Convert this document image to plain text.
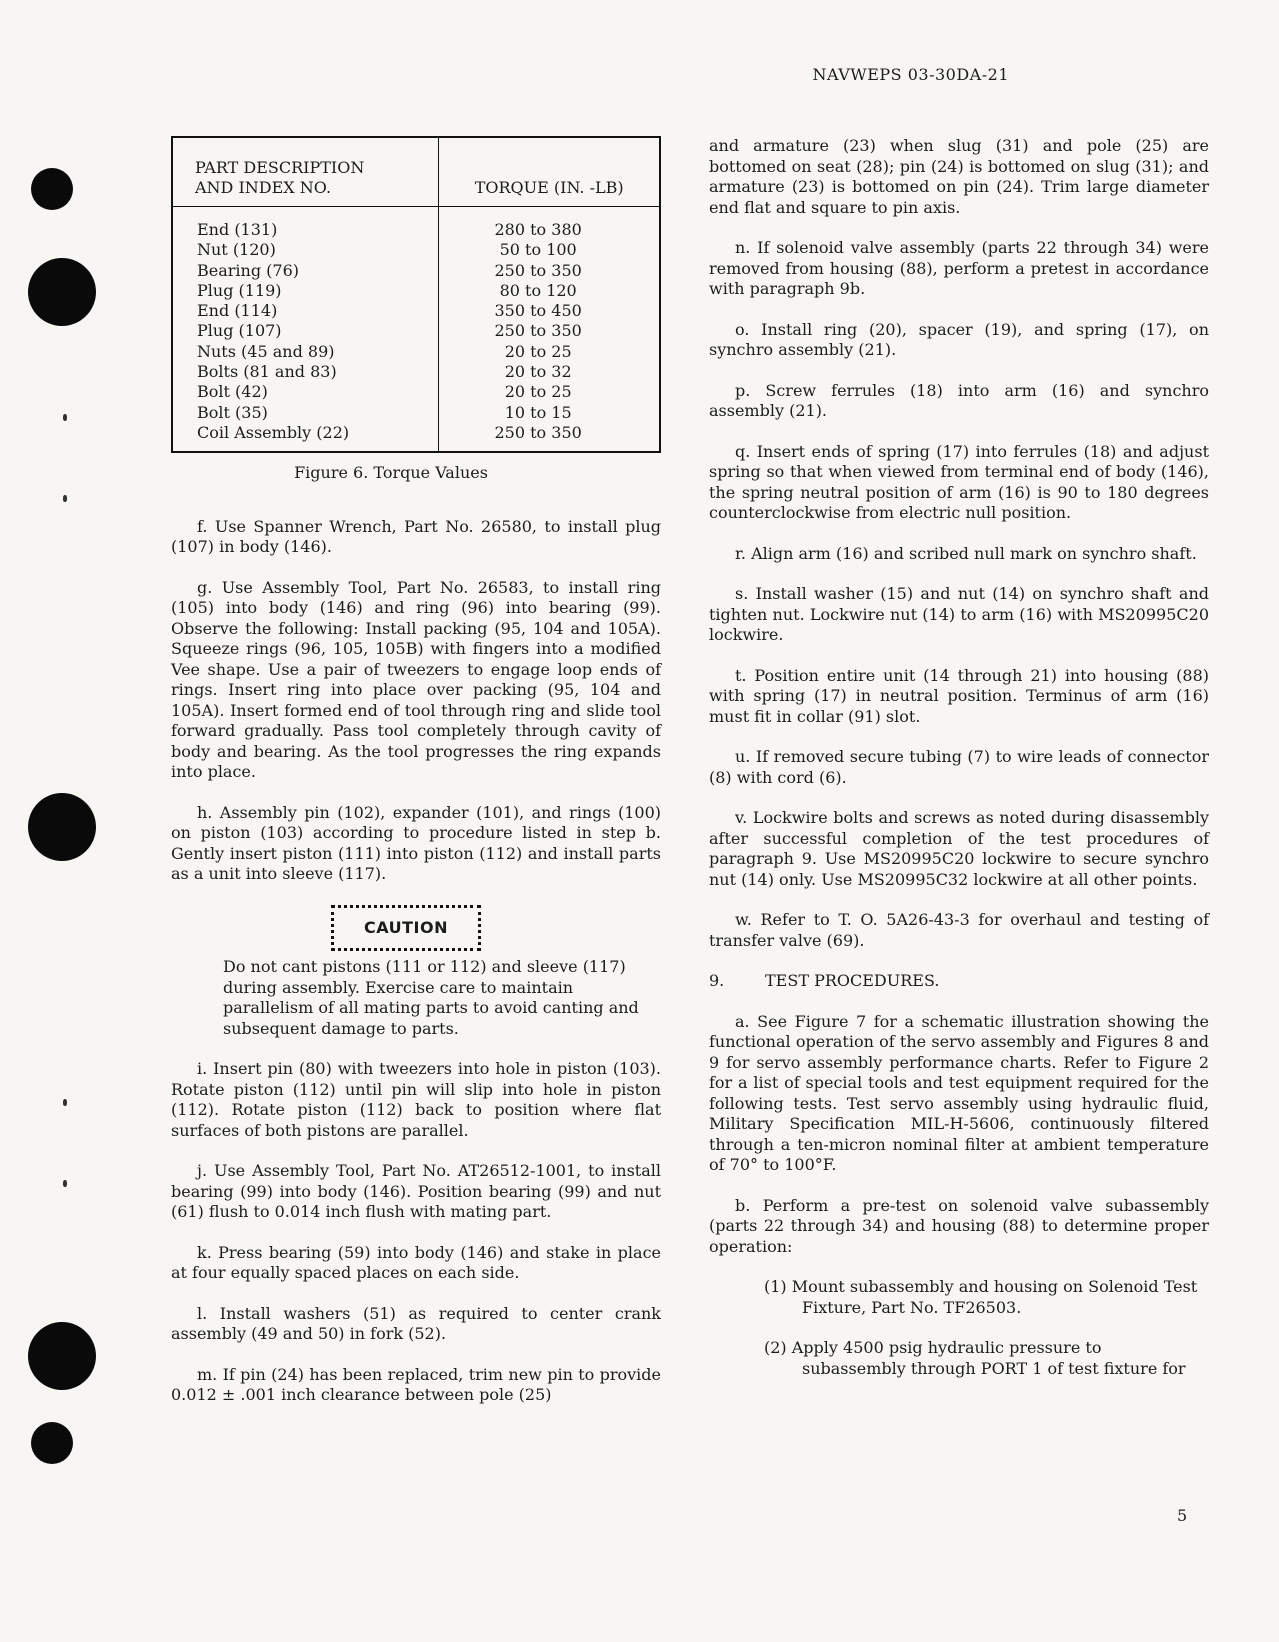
NAVWEPS 03-30DA-21
PART DESCRIPTION
AND INDEX NO.	TORQUE (IN. -LB)
End (131)	280 to 380
Nut (120)	50 to 100
Bearing (76)	250 to 350
Plug (119)	80 to 120
End (114)	350 to 450
Plug (107)	250 to 350
Nuts (45 and 89)	20 to 25
Bolts (81 and 83)	20 to 32
Bolt (42)	20 to 25
Bolt (35)	10 to 15
Coil Assembly (22)	250 to 350

Figure 6. Torque Values

f. Use Spanner Wrench, Part No. 26580, to install plug (107) in body (146).

g. Use Assembly Tool, Part No. 26583, to install ring (105) into body (146) and ring (96) into bearing (99). Observe the following: Install packing (95, 104 and 105A). Squeeze rings (96, 105, 105B) with fingers into a modified Vee shape. Use a pair of tweezers to engage loop ends of rings. Insert ring into place over packing (95, 104 and 105A). Insert formed end of tool through ring and slide tool forward gradually. Pass tool completely through cavity of body and bearing. As the tool progresses the ring expands into place.

h. Assembly pin (102), expander (101), and rings (100) on piston (103) according to procedure listed in step b. Gently insert piston (111) into piston (112) and install parts as a unit into sleeve (117).

CAUTION

Do not cant pistons (111 or 112) and sleeve (117) during assembly. Exercise care to maintain parallelism of all mating parts to avoid canting and subsequent damage to parts.

i. Insert pin (80) with tweezers into hole in piston (103). Rotate piston (112) until pin will slip into hole in piston (112). Rotate piston (112) back to position where flat surfaces of both pistons are parallel.

j. Use Assembly Tool, Part No. AT26512-1001, to install bearing (99) into body (146). Position bearing (99) and nut (61) flush to 0.014 inch flush with mating part.

k. Press bearing (59) into body (146) and stake in place at four equally spaced places on each side.

l. Install washers (51) as required to center crank assembly (49 and 50) in fork (52).

m. If pin (24) has been replaced, trim new pin to provide 0.012 ± .001 inch clearance between pole (25)

and armature (23) when slug (31) and pole (25) are bottomed on seat (28); pin (24) is bottomed on slug (31); and armature (23) is bottomed on pin (24). Trim large diameter end flat and square to pin axis.

n. If solenoid valve assembly (parts 22 through 34) were removed from housing (88), perform a pretest in accordance with paragraph 9b.

o. Install ring (20), spacer (19), and spring (17), on synchro assembly (21).

p. Screw ferrules (18) into arm (16) and synchro assembly (21).

q. Insert ends of spring (17) into ferrules (18) and adjust spring so that when viewed from terminal end of body (146), the spring neutral position of arm (16) is 90 to 180 degrees counterclockwise from electric null position.

r. Align arm (16) and scribed null mark on synchro shaft.

s. Install washer (15) and nut (14) on synchro shaft and tighten nut. Lockwire nut (14) to arm (16) with MS20995C20 lockwire.

t. Position entire unit (14 through 21) into housing (88) with spring (17) in neutral position. Terminus of arm (16) must fit in collar (91) slot.

u. If removed secure tubing (7) to wire leads of connector (8) with cord (6).

v. Lockwire bolts and screws as noted during disassembly after successful completion of the test procedures of paragraph 9. Use MS20995C20 lockwire to secure synchro nut (14) only. Use MS20995C32 lockwire at all other points.

w. Refer to T. O. 5A26-43-3 for overhaul and testing of transfer valve (69).

9.	TEST PROCEDURES.

a. See Figure 7 for a schematic illustration showing the functional operation of the servo assembly and Figures 8 and 9 for servo assembly performance charts. Refer to Figure 2 for a list of special tools and test equipment required for the following tests. Test servo assembly using hydraulic fluid, Military Specification MIL-H-5606, continuously filtered through a ten-micron nominal filter at ambient temperature of 70° to 100°F.

b. Perform a pre-test on solenoid valve subassembly (parts 22 through 34) and housing (88) to determine proper operation:

(1) Mount subassembly and housing on Solenoid Test Fixture, Part No. TF26503.

(2) Apply 4500 psig hydraulic pressure to subassembly through PORT 1 of test fixture for

5
